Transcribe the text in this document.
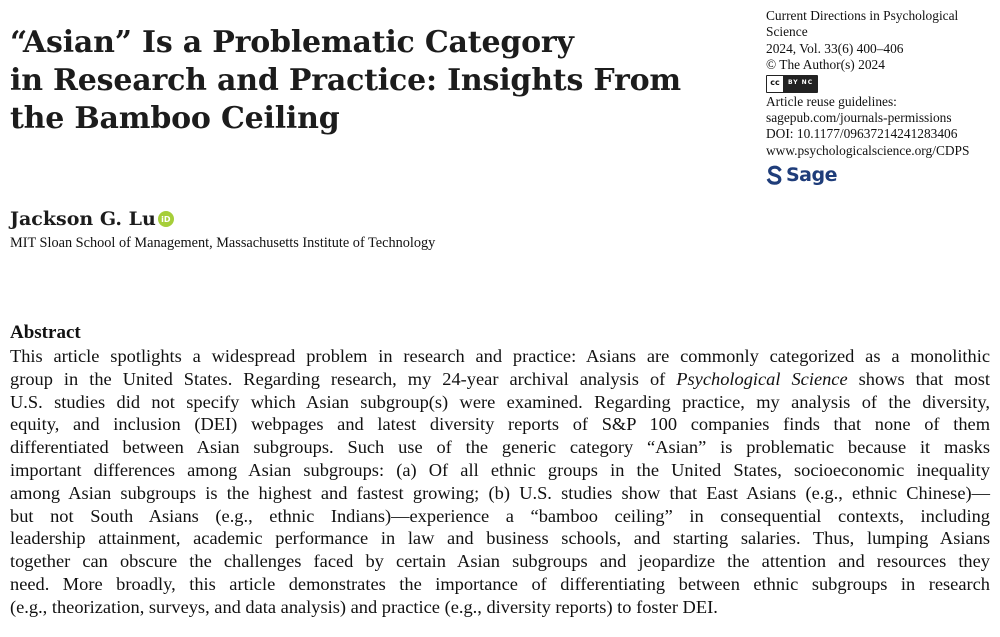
“Asian” Is a Problematic Category
in Research and Practice: Insights From
the Bamboo Ceiling
Current Directions in Psychological
Science
2024, Vol. 33(6) 400–406
© The Author(s) 2024
cc	BY NC
Article reuse guidelines:
sagepub.com/journals-permissions
DOI: 10.1177/09637214241283406
www.psychologicalscience.org/CDPS
Sage
Jackson G. Lu iD
MIT Sloan School of Management, Massachusetts Institute of Technology
Abstract
This article spotlights a widespread problem in research and practice: Asians are commonly categorized as a monolithic
group in the United States. Regarding research, my 24-year archival analysis of Psychological Science shows that most
U.S. studies did not specify which Asian subgroup(s) were examined. Regarding practice, my analysis of the diversity,
equity, and inclusion (DEI) webpages and latest diversity reports of S&P 100 companies finds that none of them
differentiated between Asian subgroups. Such use of the generic category “Asian” is problematic because it masks
important differences among Asian subgroups: (a) Of all ethnic groups in the United States, socioeconomic inequality
among Asian subgroups is the highest and fastest growing; (b) U.S. studies show that East Asians (e.g., ethnic Chinese)—
but not South Asians (e.g., ethnic Indians)—experience a “bamboo ceiling” in consequential contexts, including
leadership attainment, academic performance in law and business schools, and starting salaries. Thus, lumping Asians
together can obscure the challenges faced by certain Asian subgroups and jeopardize the attention and resources they
need. More broadly, this article demonstrates the importance of differentiating between ethnic subgroups in research
(e.g., theorization, surveys, and data analysis) and practice (e.g., diversity reports) to foster DEI.
